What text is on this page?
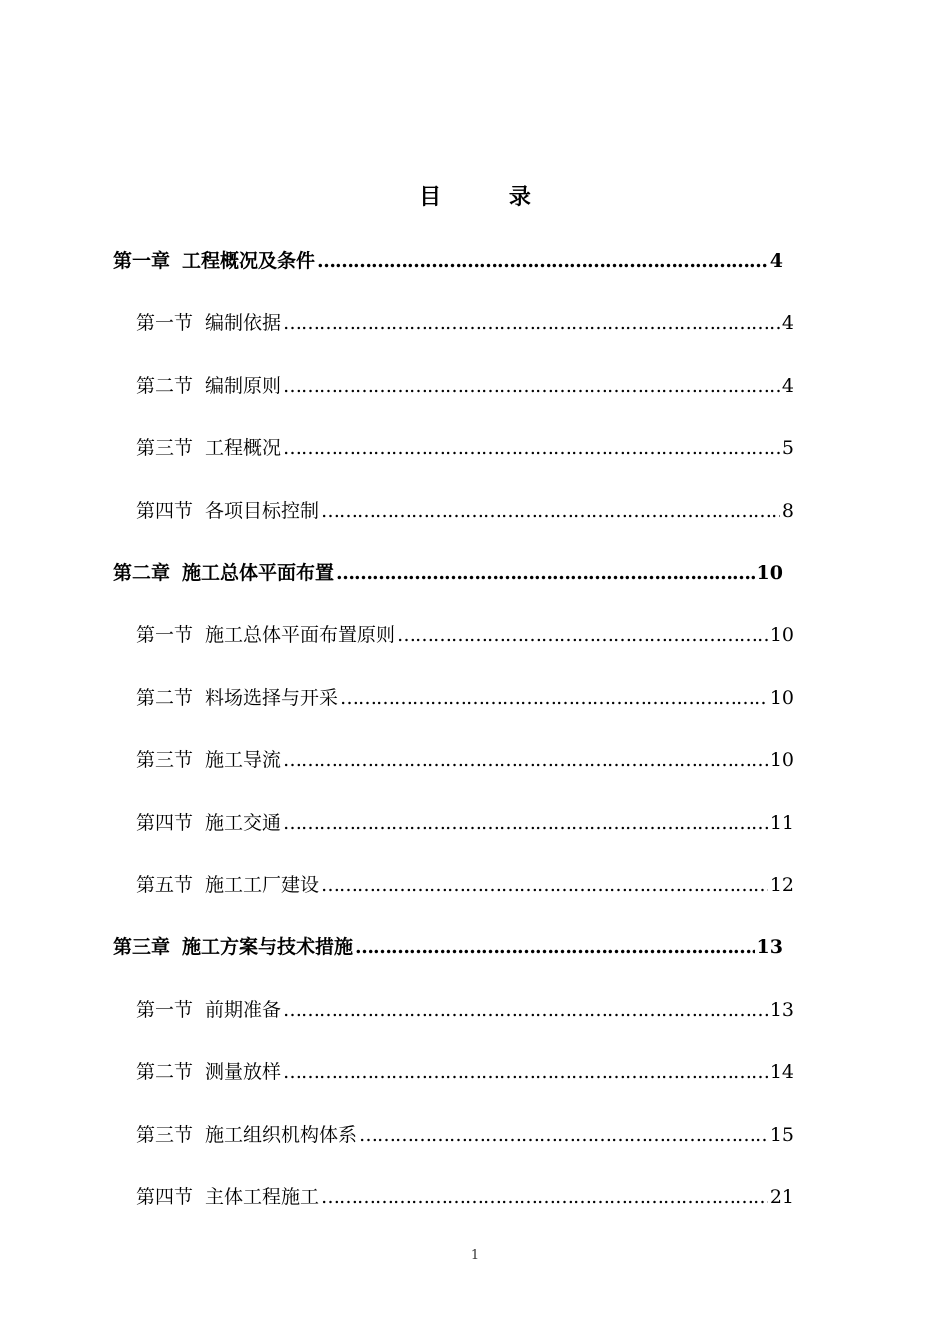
目 录
第一章 工程概况及条件 …………………………………………………………………………………………………………………………………………………………………………	4
第一节 编制依据 …………………………………………………………………………………………………………………………………………………………………………	4
第二节 编制原则 …………………………………………………………………………………………………………………………………………………………………………	4
第三节 工程概况 …………………………………………………………………………………………………………………………………………………………………………	5
第四节 各项目标控制 …………………………………………………………………………………………………………………………………………………………………………	8
第二章 施工总体平面布置 …………………………………………………………………………………………………………………………………………………………………………	10
第一节 施工总体平面布置原则 …………………………………………………………………………………………………………………………………………………………………………	10
第二节 料场选择与开采 …………………………………………………………………………………………………………………………………………………………………………	10
第三节 施工导流 …………………………………………………………………………………………………………………………………………………………………………	10
第四节 施工交通 …………………………………………………………………………………………………………………………………………………………………………	11
第五节 施工工厂建设 …………………………………………………………………………………………………………………………………………………………………………	12
第三章 施工方案与技术措施 …………………………………………………………………………………………………………………………………………………………………………	13
第一节 前期准备 …………………………………………………………………………………………………………………………………………………………………………	13
第二节 测量放样 …………………………………………………………………………………………………………………………………………………………………………	14
第三节 施工组织机构体系 …………………………………………………………………………………………………………………………………………………………………………	15
第四节 主体工程施工 …………………………………………………………………………………………………………………………………………………………………………	21
1
